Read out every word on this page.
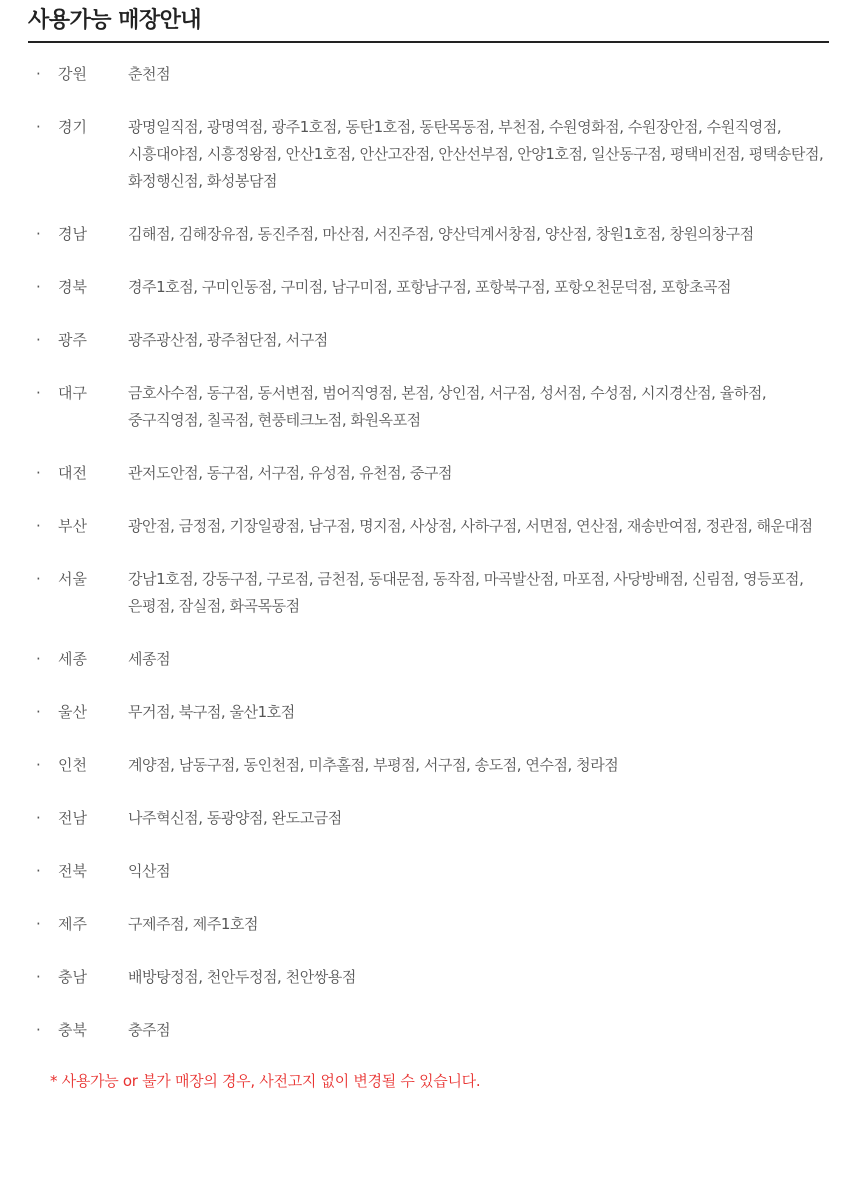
사용가능 매장안내
·	강원	춘천점
·	경기	광명일직점, 광명역점, 광주1호점, 동탄1호점, 동탄목동점, 부천점, 수원영화점, 수원장안점, 수원직영점, 시흥대야점, 시흥정왕점, 안산1호점, 안산고잔점, 안산선부점, 안양1호점, 일산동구점, 평택비전점, 평택송탄점, 화정행신점, 화성봉담점
·	경남	김해점, 김해장유점, 동진주점, 마산점, 서진주점, 양산덕계서창점, 양산점, 창원1호점, 창원의창구점
·	경북	경주1호점, 구미인동점, 구미점, 남구미점, 포항남구점, 포항북구점, 포항오천문덕점, 포항초곡점
·	광주	광주광산점, 광주첨단점, 서구점
·	대구	금호사수점, 동구점, 동서변점, 범어직영점, 본점, 상인점, 서구점, 성서점, 수성점, 시지경산점, 율하점, 중구직영점, 칠곡점, 현풍테크노점, 화원옥포점
·	대전	관저도안점, 동구점, 서구점, 유성점, 유천점, 중구점
·	부산	광안점, 금정점, 기장일광점, 남구점, 명지점, 사상점, 사하구점, 서면점, 연산점, 재송반여점, 정관점, 해운대점
·	서울	강남1호점, 강동구점, 구로점, 금천점, 동대문점, 동작점, 마곡발산점, 마포점, 사당방배점, 신림점, 영등포점, 은평점, 잠실점, 화곡목동점
·	세종	세종점
·	울산	무거점, 북구점, 울산1호점
·	인천	계양점, 남동구점, 동인천점, 미추홀점, 부평점, 서구점, 송도점, 연수점, 청라점
·	전남	나주혁신점, 동광양점, 완도고금점
·	전북	익산점
·	제주	구제주점, 제주1호점
·	충남	배방탕정점, 천안두정점, 천안쌍용점
·	충북	충주점

* 사용가능 or 불가 매장의 경우, 사전고지 없이 변경될 수 있습니다.
